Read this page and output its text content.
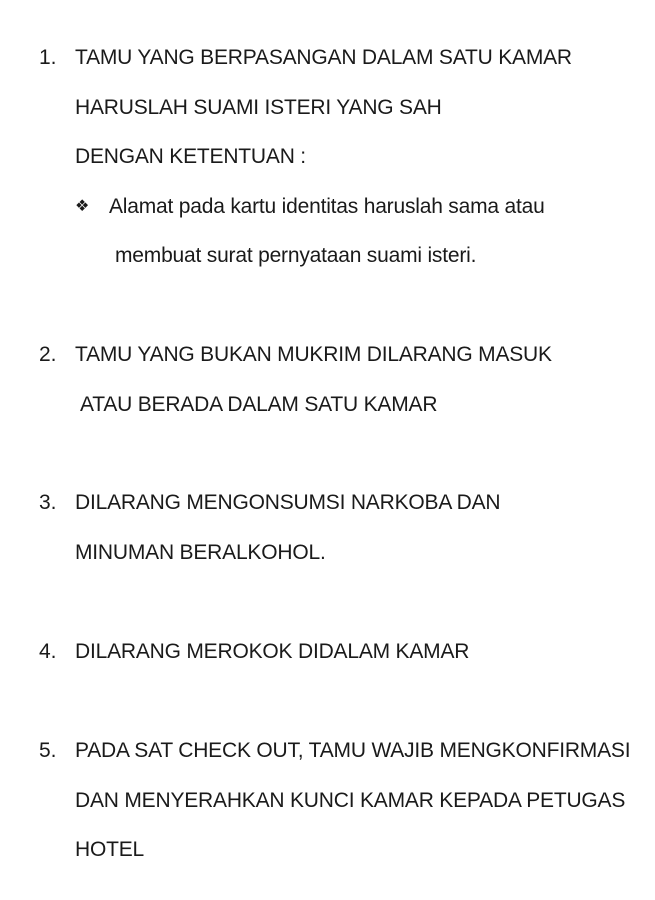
1. TAMU YANG BERPASANGAN DALAM SATU KAMAR
HARUSLAH SUAMI ISTERI YANG SAH
DENGAN KETENTUAN :
❖ Alamat pada kartu identitas haruslah sama atau
membuat surat pernyataan suami isteri.
2. TAMU YANG BUKAN MUKRIM DILARANG MASUK
ATAU BERADA DALAM SATU KAMAR
3. DILARANG MENGONSUMSI NARKOBA DAN
MINUMAN BERALKOHOL.
4. DILARANG MEROKOK DIDALAM KAMAR
5. PADA SAT CHECK OUT, TAMU WAJIB MENGKONFIRMASI
DAN MENYERAHKAN KUNCI KAMAR KEPADA PETUGAS
HOTEL
